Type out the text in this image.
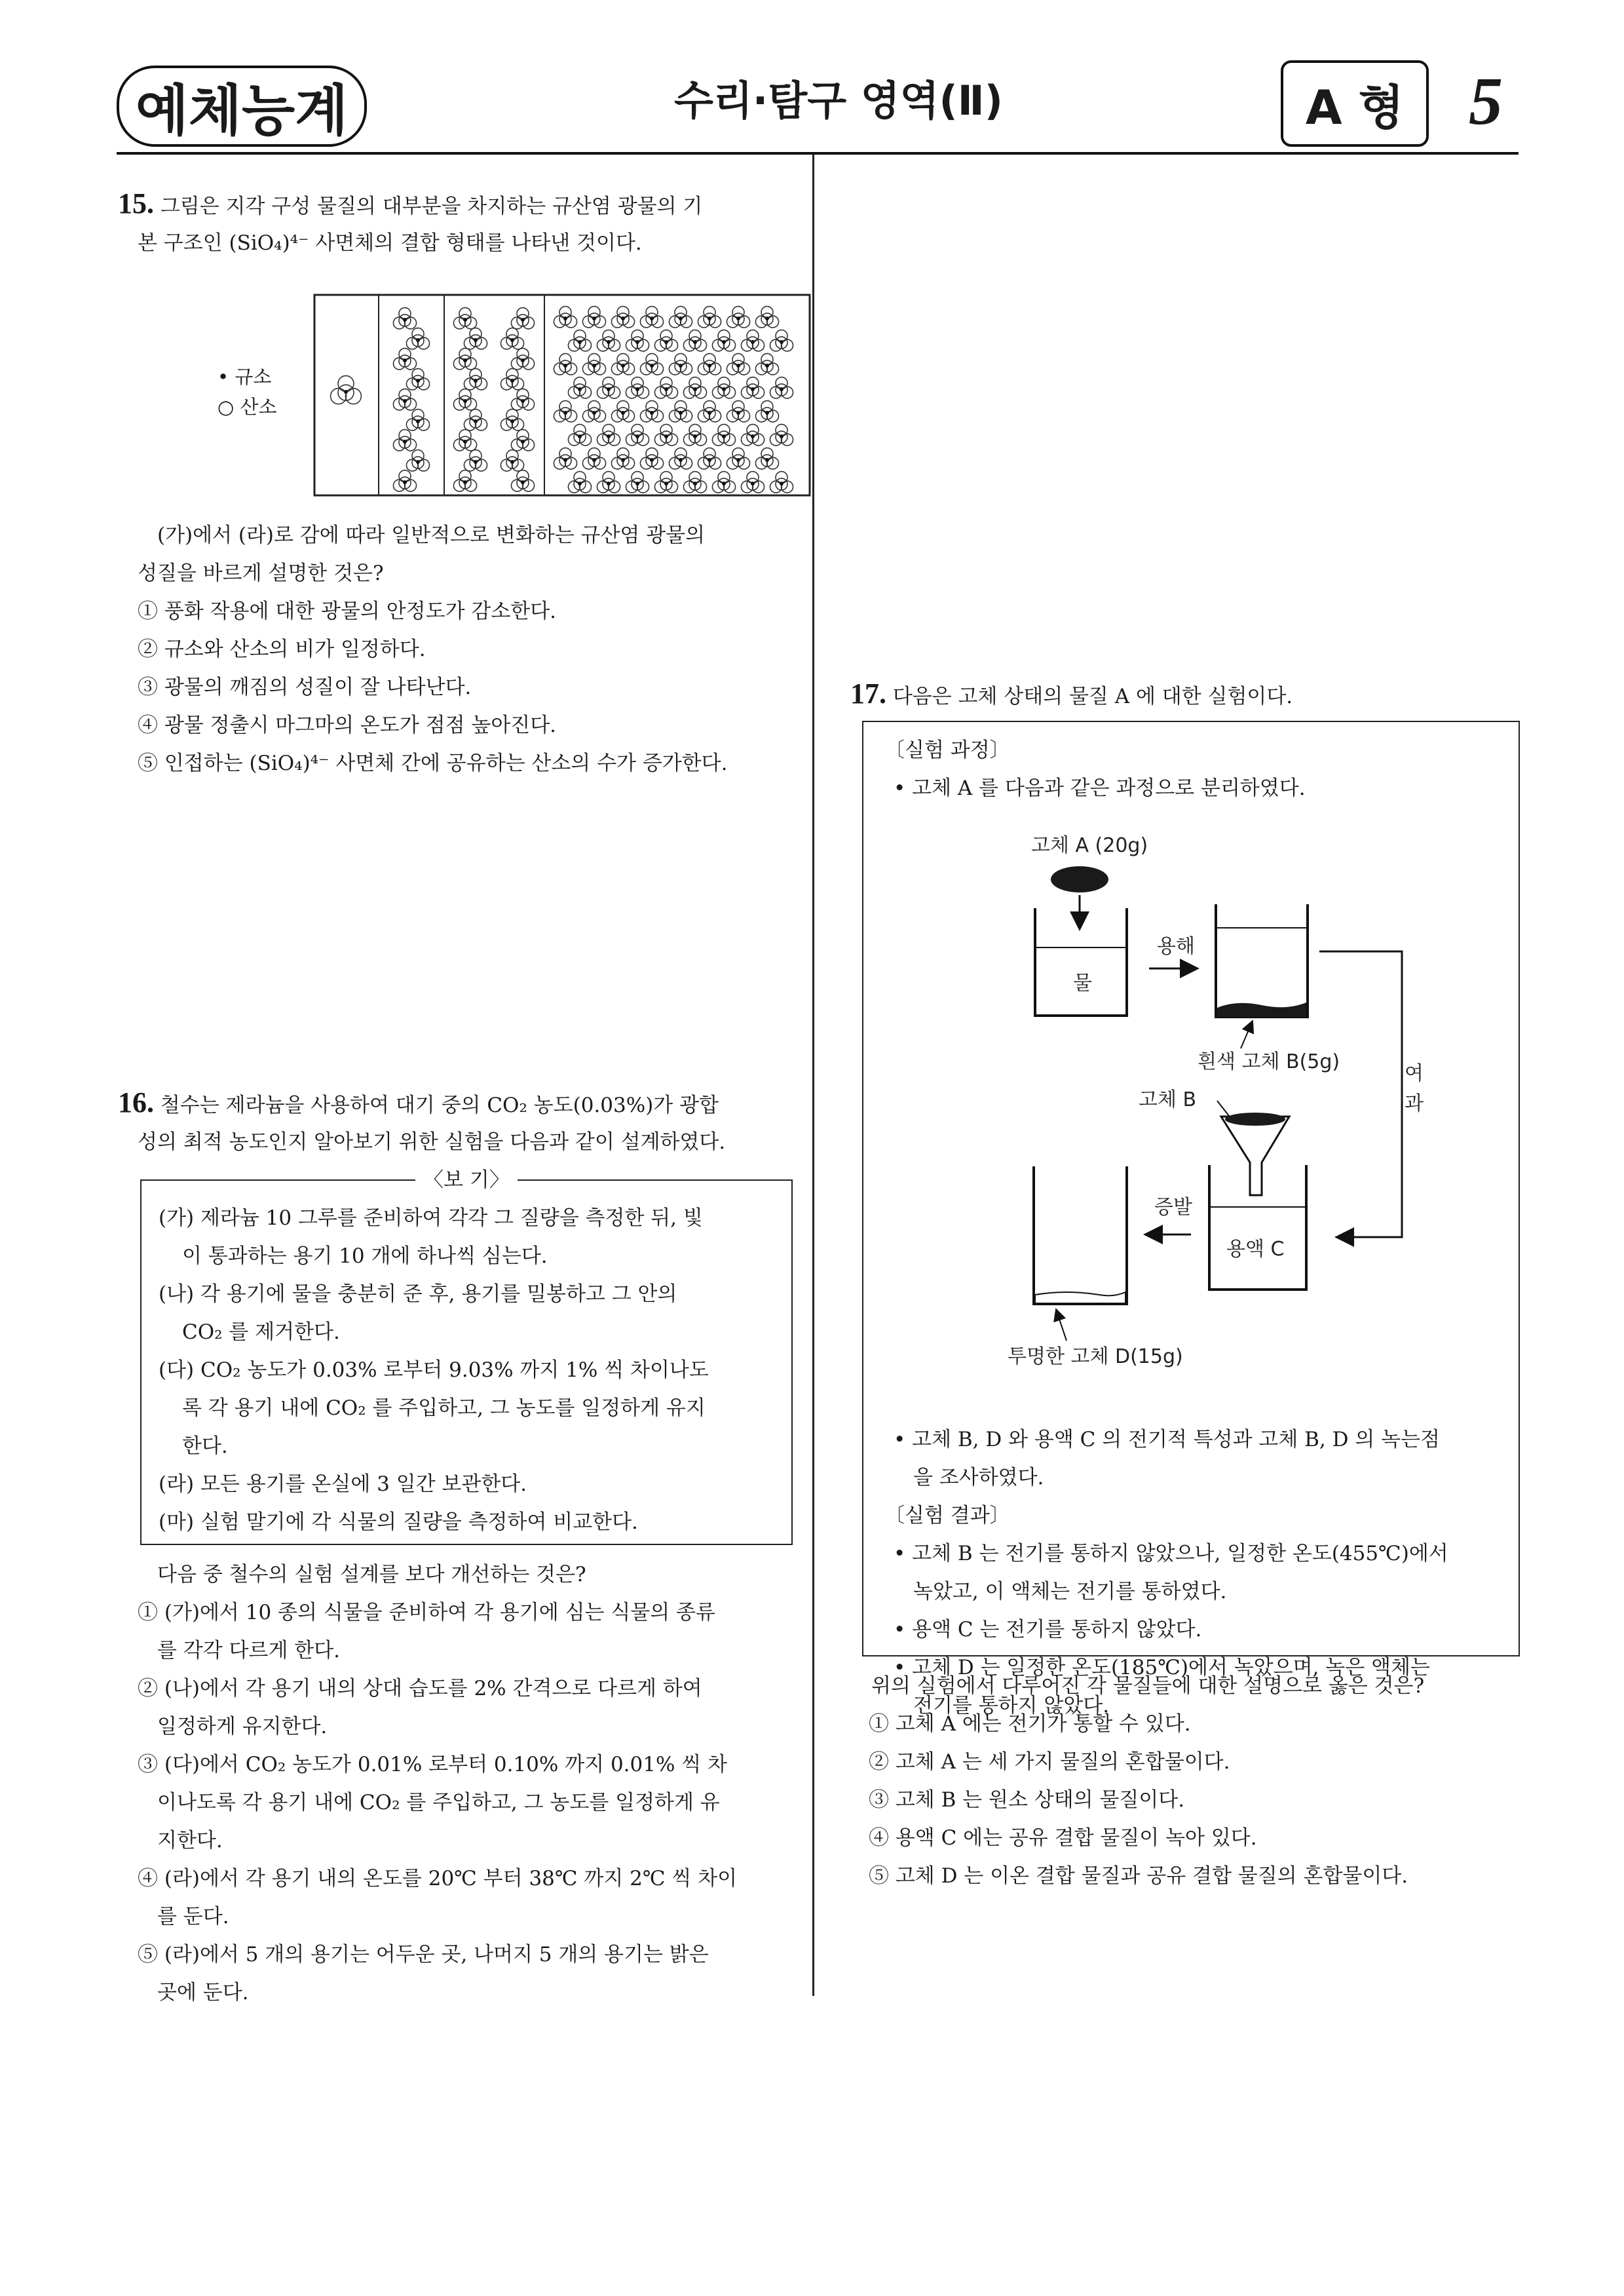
예체능계	수리·탐구 영역(Ⅱ)	A 형 5
15. 그림은 지각 구성 물질의 대부분을 차지하는 규산염 광물의 기
본 구조인 (SiO₄)⁴⁻ 사면체의 결합 형태를 나타낸 것이다.
• 규소
○ 산소
(가)에서 (라)로 감에 따라 일반적으로 변화하는 규산염 광물의
성질을 바르게 설명한 것은?
① 풍화 작용에 대한 광물의 안정도가 감소한다.
② 규소와 산소의 비가 일정하다.
③ 광물의 깨짐의 성질이 잘 나타난다.
④ 광물 정출시 마그마의 온도가 점점 높아진다.
⑤ 인접하는 (SiO₄)⁴⁻ 사면체 간에 공유하는 산소의 수가 증가한다.
16. 철수는 제라늄을 사용하여 대기 중의 CO₂ 농도(0.03%)가 광합
성의 최적 농도인지 알아보기 위한 실험을 다음과 같이 설계하였다.
〈보 기〉
(가) 제라늄 10 그루를 준비하여 각각 그 질량을 측정한 뒤, 빛
이 통과하는 용기 10 개에 하나씩 심는다.
(나) 각 용기에 물을 충분히 준 후, 용기를 밀봉하고 그 안의
CO₂ 를 제거한다.
(다) CO₂ 농도가 0.03% 로부터 9.03% 까지 1% 씩 차이나도
록 각 용기 내에 CO₂ 를 주입하고, 그 농도를 일정하게 유지
한다.
(라) 모든 용기를 온실에 3 일간 보관한다.
(마) 실험 말기에 각 식물의 질량을 측정하여 비교한다.
다음 중 철수의 실험 설계를 보다 개선하는 것은?
① (가)에서 10 종의 식물을 준비하여 각 용기에 심는 식물의 종류
를 각각 다르게 한다.
② (나)에서 각 용기 내의 상대 습도를 2% 간격으로 다르게 하여
일정하게 유지한다.
③ (다)에서 CO₂ 농도가 0.01% 로부터 0.10% 까지 0.01% 씩 차
이나도록 각 용기 내에 CO₂ 를 주입하고, 그 농도를 일정하게 유
지한다.
④ (라)에서 각 용기 내의 온도를 20℃ 부터 38℃ 까지 2℃ 씩 차이
를 둔다.
⑤ (라)에서 5 개의 용기는 어두운 곳, 나머지 5 개의 용기는 밝은
곳에 둔다.
17. 다음은 고체 상태의 물질 A 에 대한 실험이다.
〔실험 과정〕
• 고체 A 를 다음과 같은 과정으로 분리하였다.
고체 A (20g)
물
용해
흰색 고체 B(5g)
여
과
고체 B
용액 C
증발
투명한 고체 D(15g)
• 고체 B, D 와 용액 C 의 전기적 특성과 고체 B, D 의 녹는점
을 조사하였다.
〔실험 결과〕
• 고체 B 는 전기를 통하지 않았으나, 일정한 온도(455℃)에서
녹았고, 이 액체는 전기를 통하였다.
• 용액 C 는 전기를 통하지 않았다.
• 고체 D 는 일정한 온도(185℃)에서 녹았으며, 녹은 액체는
전기를 통하지 않았다.
위의 실험에서 다루어진 각 물질들에 대한 설명으로 옳은 것은?
① 고체 A 에는 전기가 통할 수 있다.
② 고체 A 는 세 가지 물질의 혼합물이다.
③ 고체 B 는 원소 상태의 물질이다.
④ 용액 C 에는 공유 결합 물질이 녹아 있다.
⑤ 고체 D 는 이온 결합 물질과 공유 결합 물질의 혼합물이다.
